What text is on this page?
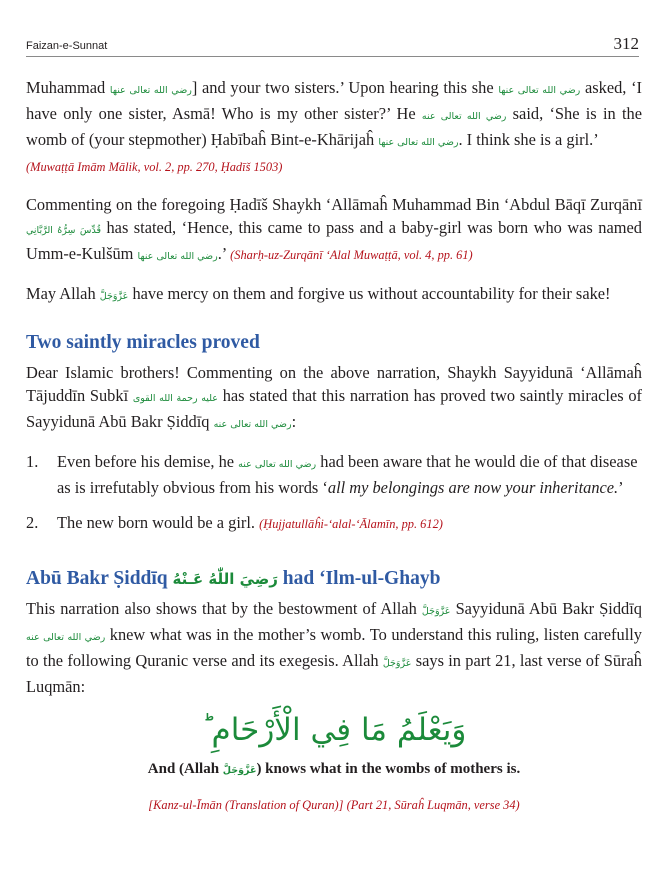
Faizan-e-Sunnat	312

Muhammad رضي الله تعالى عنها] and your two sisters.’ Upon hearing this she رضي الله تعالى عنها asked, ‘I have only one sister, Asmā! Who is my other sister?’ He رضي الله تعالى عنه said, ‘She is in the womb of (your stepmother) Ḥabībaĥ Bint-e-Khārijaĥ رضي الله تعالى عنها. I think she is a girl.’
(Muwaṭṭā Imām Mālik, vol. 2, pp. 270, Ḥadīš 1503)

Commenting on the foregoing Ḥadīš Shaykh ‘Allāmaĥ Muhammad Bin ‘Abdul Bāqī Zurqānī قُدِّسَ سِرُّهُ الرَّبَّانِي has stated, ‘Hence, this came to pass and a baby-girl was born who was named Umm-e-Kulšūm رضي الله تعالى عنها.’ (Sharḥ-uz-Zurqānī ‘Alal Muwaṭṭā, vol. 4, pp. 61)

May Allah عَزَّوَجَلَّ have mercy on them and forgive us without accountability for their sake!

Two saintly miracles proved

Dear Islamic brothers! Commenting on the above narration, Shaykh Sayyidunā ‘Allāmaĥ Tājuddīn Subkī عليه رحمة الله القوى has stated that this narration has proved two saintly miracles of Sayyidunā Abū Bakr Ṣiddīq رضي الله تعالى عنه:

1. Even before his demise, he رضي الله تعالى عنه had been aware that he would die of that disease as is irrefutably obvious from his words ‘all my belongings are now your inheritance.’
2. The new born would be a girl. (Ḥujjatullāĥi-‘alal-‘Ālamīn, pp. 612)
Abū Bakr Ṣiddīq رَضِيَ اللّٰهُ عَـنْهُ had ‘Ilm-ul-Ghayb

This narration also shows that by the bestowment of Allah عَزَّوَجَلَّ Sayyidunā Abū Bakr Ṣiddīq رضي الله تعالى عنه knew what was in the mother’s womb. To understand this ruling, listen carefully to the following Quranic verse and its exegesis. Allah عَزَّوَجَلَّ says in part 21, last verse of Sūraĥ Luqmān:

وَيَعْلَمُ مَا فِي الْأَرْحَامِ ؕ

And (Allah عَزَّوَجَلَّ) knows what in the wombs of mothers is.

[Kanz-ul-Īmān (Translation of Quran)] (Part 21, Sūraĥ Luqmān, verse 34)
